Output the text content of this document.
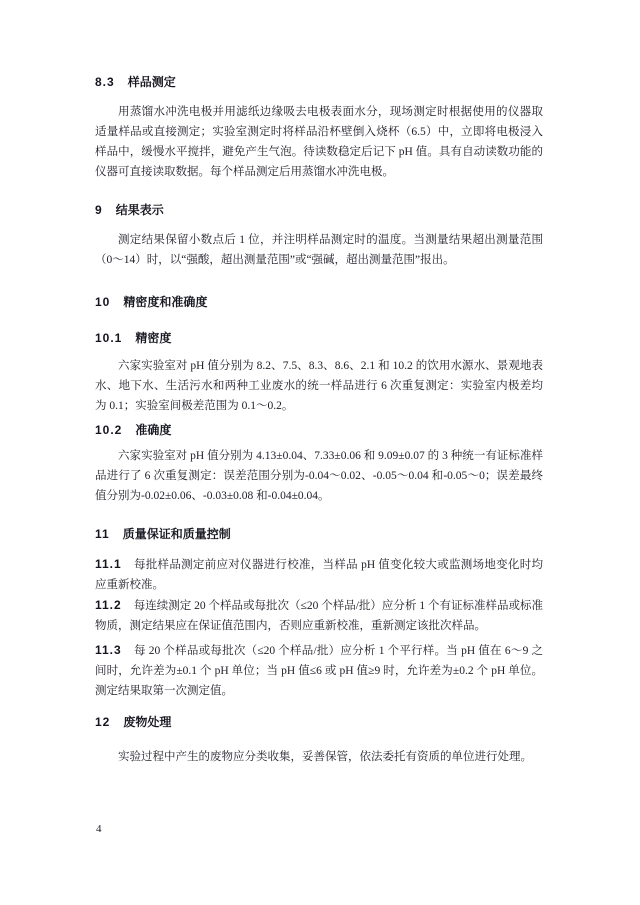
8.3 样品测定

用蒸馏水冲洗电极并用滤纸边缘吸去电极表面水分，现场测定时根据使用的仪器取适量样品或直接测定；实验室测定时将样品沿杯壁倒入烧杯（6.5）中，立即将电极浸入样品中，缓慢水平搅拌，避免产生气泡。待读数稳定后记下 pH 值。具有自动读数功能的仪器可直接读取数据。每个样品测定后用蒸馏水冲洗电极。

9 结果表示

测定结果保留小数点后 1 位，并注明样品测定时的温度。当测量结果超出测量范围（0～14）时，以“强酸，超出测量范围”或“强碱，超出测量范围”报出。

10 精密度和准确度
10.1 精密度

六家实验室对 pH 值分别为 8.2、7.5、8.3、8.6、2.1 和 10.2 的饮用水源水、景观地表水、地下水、生活污水和两种工业废水的统一样品进行 6 次重复测定：实验室内极差均为 0.1；实验室间极差范围为 0.1～0.2。

10.2 准确度

六家实验室对 pH 值分别为 4.13±0.04、7.33±0.06 和 9.09±0.07 的 3 种统一有证标准样品进行了 6 次重复测定：误差范围分别为-0.04～0.02、-0.05～0.04 和-0.05～0；误差最终值分别为-0.02±0.06、-0.03±0.08 和-0.04±0.04。

11 质量保证和质量控制

11.1 每批样品测定前应对仪器进行校准，当样品 pH 值变化较大或监测场地变化时均应重新校准。

11.2 每连续测定 20 个样品或每批次（≤20 个样品/批）应分析 1 个有证标准样品或标准物质，测定结果应在保证值范围内，否则应重新校准，重新测定该批次样品。

11.3 每 20 个样品或每批次（≤20 个样品/批）应分析 1 个平行样。当 pH 值在 6～9 之间时，允许差为±0.1 个 pH 单位；当 pH 值≤6 或 pH 值≥9 时，允许差为±0.2 个 pH 单位。测定结果取第一次测定值。

12 废物处理

实验过程中产生的废物应分类收集，妥善保管，依法委托有资质的单位进行处理。

4
